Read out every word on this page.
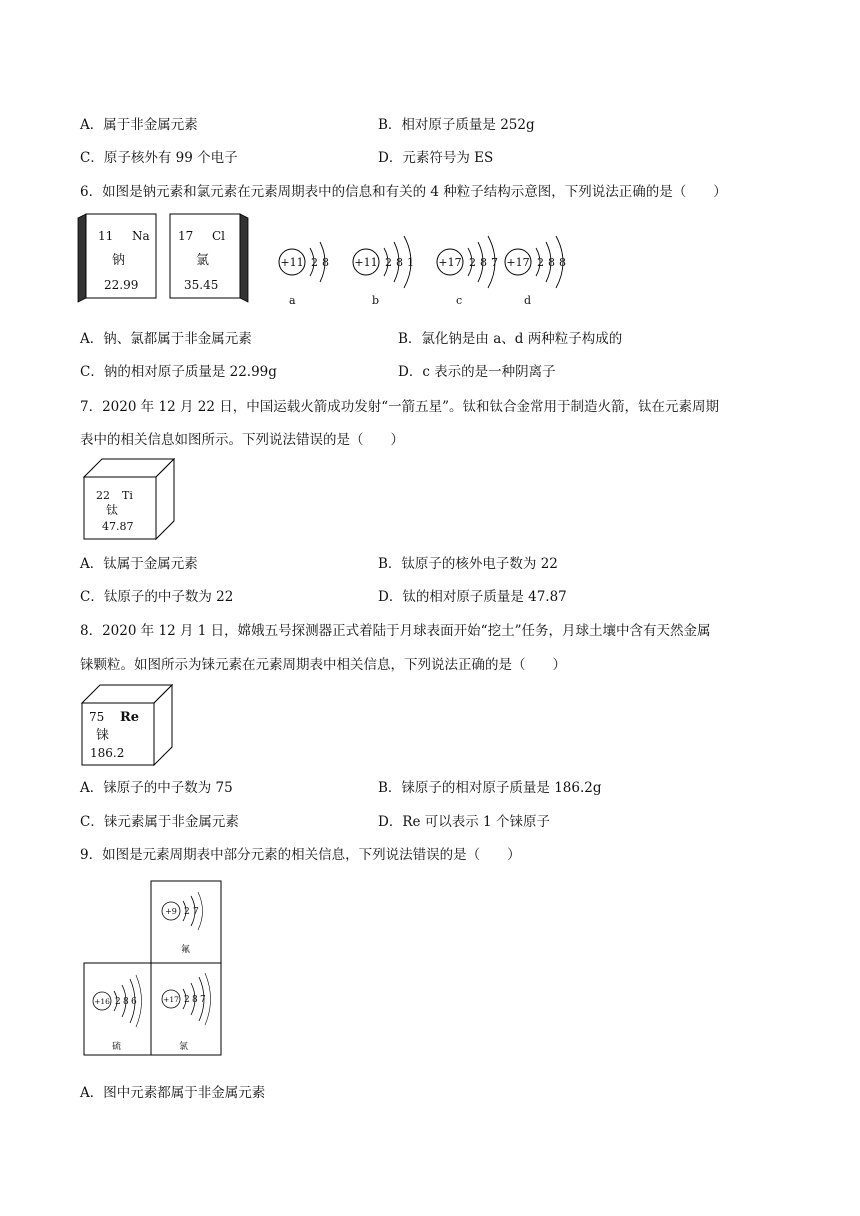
A．属于非金属元素	B．相对原子质量是 252g
C．原子核外有 99 个电子	D．元素符号为 ES
6．如图是钠元素和氯元素在元素周期表中的信息和有关的 4 种粒子结构示意图，下列说法正确的是（　　）
11 Na
钠
22.99
17 Cl
氯
35.45
+11 2 8
a
+11 2 8 1
b
+17 2 8 7
c
+17 2 8 8
d
A．钠、氯都属于非金属元素	B．氯化钠是由 a、d 两种粒子构成的
C．钠的相对原子质量是 22.99g	D．c 表示的是一种阴离子
7．2020 年 12 月 22 日，中国运载火箭成功发射“一箭五星”。钛和钛合金常用于制造火箭，钛在元素周期
表中的相关信息如图所示。下列说法错误的是（　　）
22 Ti
钛
47.87
A．钛属于金属元素	B．钛原子的核外电子数为 22
C．钛原子的中子数为 22	D．钛的相对原子质量是 47.87
8．2020 年 12 月 1 日，嫦娥五号探测器正式着陆于月球表面开始“挖土”任务，月球土壤中含有天然金属
铼颗粒。如图所示为铼元素在元素周期表中相关信息，下列说法正确的是（　　）
75 Re
铼
186.2
A．铼原子的中子数为 75	B．铼原子的相对原子质量是 186.2g
C．铼元素属于非金属元素	D．Re 可以表示 1 个铼原子
9．如图是元素周期表中部分元素的相关信息，下列说法错误的是（　　）
+9 2 7
氟
+16 2 8 6
硫
+17 2 8 7
氯
A．图中元素都属于非金属元素
